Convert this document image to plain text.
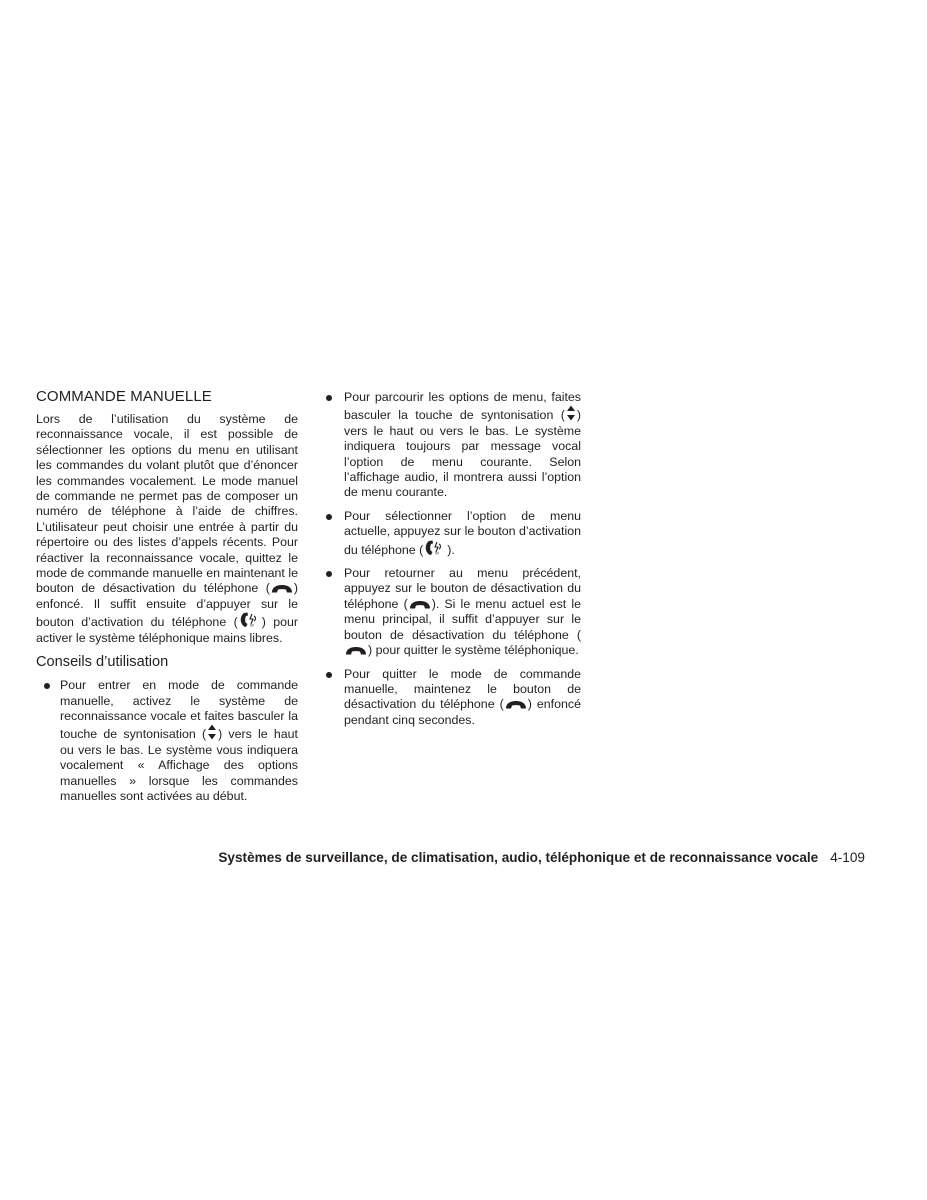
COMMANDE MANUELLE

Lors de l’utilisation du système de reconnaissance vocale, il est possible de sélectionner les options du menu en utilisant les commandes du volant plutôt que d’énoncer les commandes vocalement. Le mode manuel de commande ne permet pas de composer un numéro de téléphone à l’aide de chiffres. L’utilisateur peut choisir une entrée à partir du répertoire ou des listes d’appels récents. Pour réactiver la reconnaissance vocale, quittez le mode de commande manuelle en maintenant le bouton de désactivation du téléphone ( ) enfoncé. Il suffit ensuite d’appuyer sur le bouton d’activation du téléphone ( ) pour activer le système téléphonique mains libres.

Conseils d’utilisation
Pour entrer en mode de commande manuelle, activez le système de reconnaissance vocale et faites basculer la touche de syntonisation ( ) vers le haut ou vers le bas. Le système vous indiquera vocalement « Affichage des options manuelles » lorsque les commandes manuelles sont activées au début.
Pour parcourir les options de menu, faites basculer la touche de syntonisation ( ) vers le haut ou vers le bas. Le système indiquera toujours par message vocal l’option de menu courante. Selon l’affichage audio, il montrera aussi l’option de menu courante.
Pour sélectionner l’option de menu actuelle, appuyez sur le bouton d’activation du téléphone ( ).
Pour retourner au menu précédent, appuyez sur le bouton de désactivation du téléphone ( ). Si le menu actuel est le menu principal, il suffit d’appuyer sur le bouton de désactivation du téléphone (
) pour quitter le système téléphonique.
Pour quitter le mode de commande manuelle, maintenez le bouton de désactivation du téléphone ( ) enfoncé pendant cinq secondes.
Systèmes de surveillance, de climatisation, audio, téléphonique et de reconnaissance vocale 4-109
